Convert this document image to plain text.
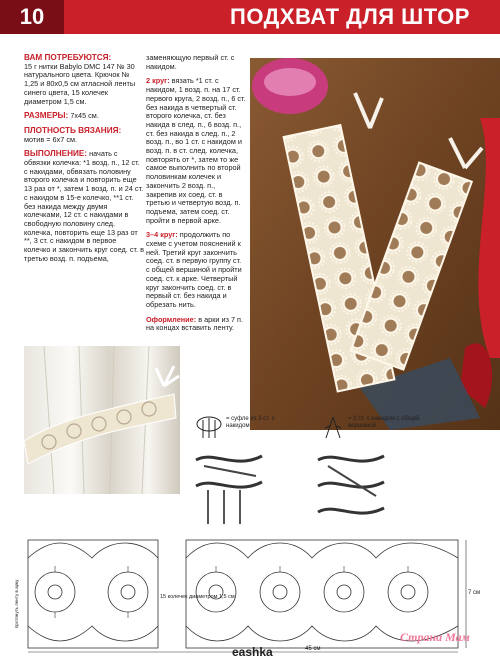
10	ПОДХВАТ ДЛЯ ШТОР

ВАМ ПОТРЕБУЮТСЯ:
15 г нитки Babylo DMC 147 № 30 натурального цвета. Крючок № 1,25 и 80х0,5 см атласной ленты синего цвета, 15 колечек диаметром 1,5 см.

РАЗМЕРЫ: 7х45 см.

ПЛОТНОСТЬ ВЯЗАНИЯ:
мотив = 6х7 см.

ВЫПОЛНЕНИЕ: начать с обвязки колечка: *1 возд. п., 12 ст. с накидами, обвязать половину второго колечка и повторить еще 13 раз от *, затем 1 возд. п. и 24 ст. с накидом в 15-е колечко, **1 ст. без накида между двумя колечками, 12 ст. с накидами в свободную половину след. колечка, повторить еще 13 раз от **, 3 ст. с накидом в первое колечко и закончить круг соед. ст. в третью возд. п. подъема,

заменяющую первый ст. с накидом.

2 круг: вязать *1 ст. с накидом, 1 возд. п. на 17 ст. первого круга, 2 возд. п., 6 ст. без накида в четвертый ст. второго колечка, ст. без накида в след. п., 6 возд. п., ст. без накида в след. п., 2 возд. п., во 1 ст. с накидом и возд. п. в ст. след. колечка, повторять от *, затем то же самое выполнить по второй половинкам колечек и закончить 2 возд. п., закрепив их соед. ст. в третью и четвертую возд. п. подъема, затем соед. ст. пройти в первой арке.

3–4 круг: продолжить по схеме с учетом пояснений к ней. Третий круг закончить соед. ст. в первую группу ст. с общей вершиной и пройти соед. ст. к арке. Четвертый круг закончить соед. ст. в первый ст. без накида и обрезать нить.

Оформление: в арки из 7 п. на концах вставить ленту.

= суфле из 3 ст. с накидом
= 2 ст. с накидом с общей вершиной
15 колечек диаметром 1,5 см
45 см
7 см
протянуть ленту в арку
eashka
Страна Мам
